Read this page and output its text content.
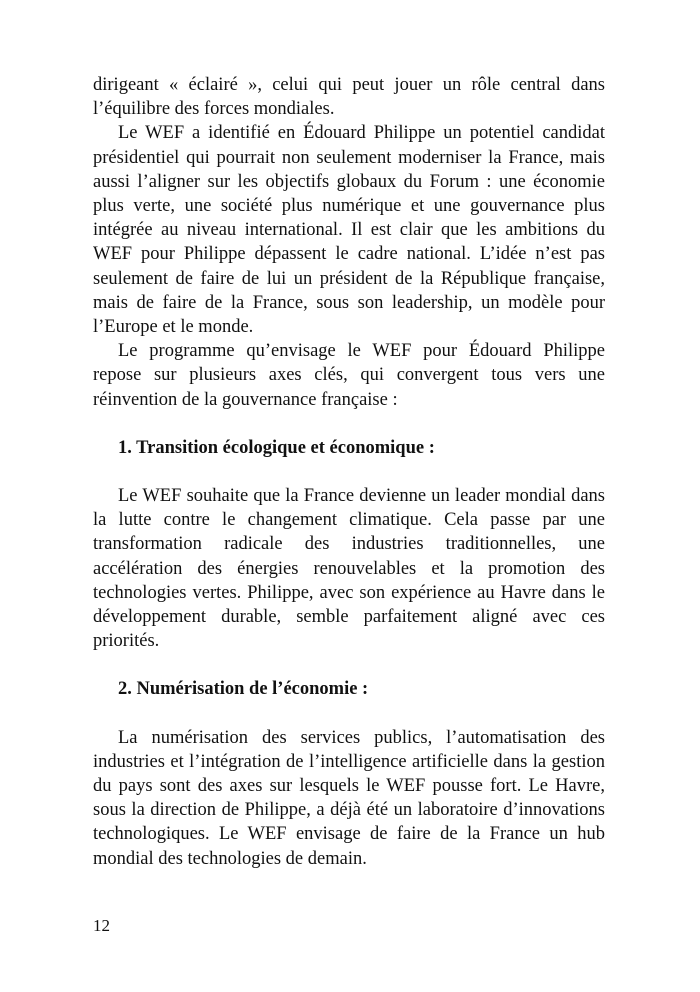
dirigeant « éclairé », celui qui peut jouer un rôle central dans l’équilibre des forces mondiales.

Le WEF a identifié en Édouard Philippe un potentiel candidat présidentiel qui pourrait non seulement moderniser la France, mais aussi l’aligner sur les objectifs globaux du Forum : une économie plus verte, une société plus numérique et une gouvernance plus intégrée au niveau international. Il est clair que les ambitions du WEF pour Philippe dépassent le cadre national. L’idée n’est pas seulement de faire de lui un président de la République française, mais de faire de la France, sous son leadership, un modèle pour l’Europe et le monde.

Le programme qu’envisage le WEF pour Édouard Philippe repose sur plusieurs axes clés, qui convergent tous vers une réinvention de la gouvernance française :

1. Transition écologique et économique :

Le WEF souhaite que la France devienne un leader mondial dans la lutte contre le changement climatique. Cela passe par une transformation radicale des industries traditionnelles, une accélération des énergies renouvelables et la promotion des technologies vertes. Philippe, avec son expérience au Havre dans le développement durable, semble parfaitement aligné avec ces priorités.

2. Numérisation de l’économie :

La numérisation des services publics, l’automatisation des industries et l’intégration de l’intelligence artificielle dans la gestion du pays sont des axes sur lesquels le WEF pousse fort. Le Havre, sous la direction de Philippe, a déjà été un laboratoire d’innovations technologiques. Le WEF envisage de faire de la France un hub mondial des technologies de demain.

12
